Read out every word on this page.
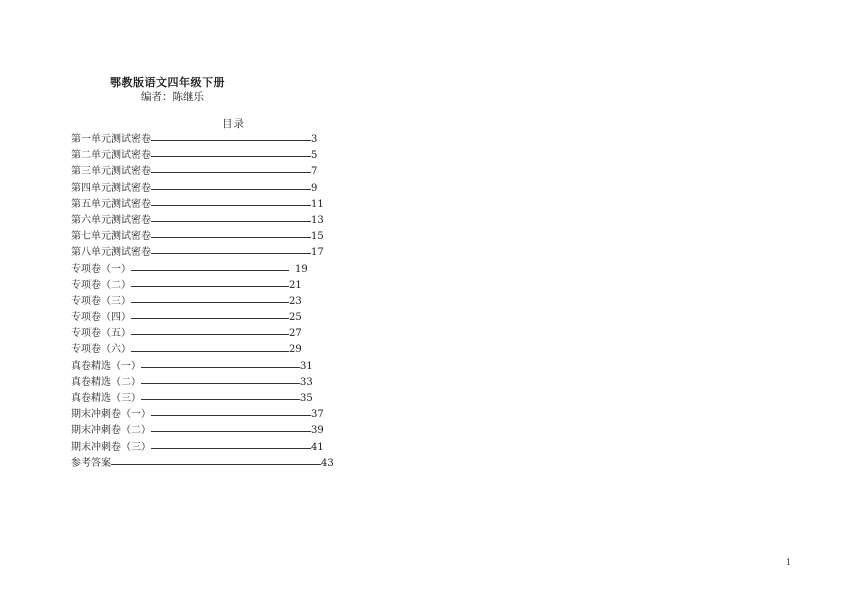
鄂教版语文四年级下册
编者：陈继乐
目录
第一单元测试密卷	3
第二单元测试密卷	5
第三单元测试密卷	7
第四单元测试密卷	9
第五单元测试密卷	11
第六单元测试密卷	13
第七单元测试密卷	15
第八单元测试密卷	17
专项卷（一）	19
专项卷（二）	21
专项卷（三）	23
专项卷（四）	25
专项卷（五）	27
专项卷（六）	29
真卷精选（一）	31
真卷精选（二）	33
真卷精选（三）	35
期末冲刺卷（一）	37
期末冲刺卷（二）	39
期末冲刺卷（三）	41
参考答案	43
1
